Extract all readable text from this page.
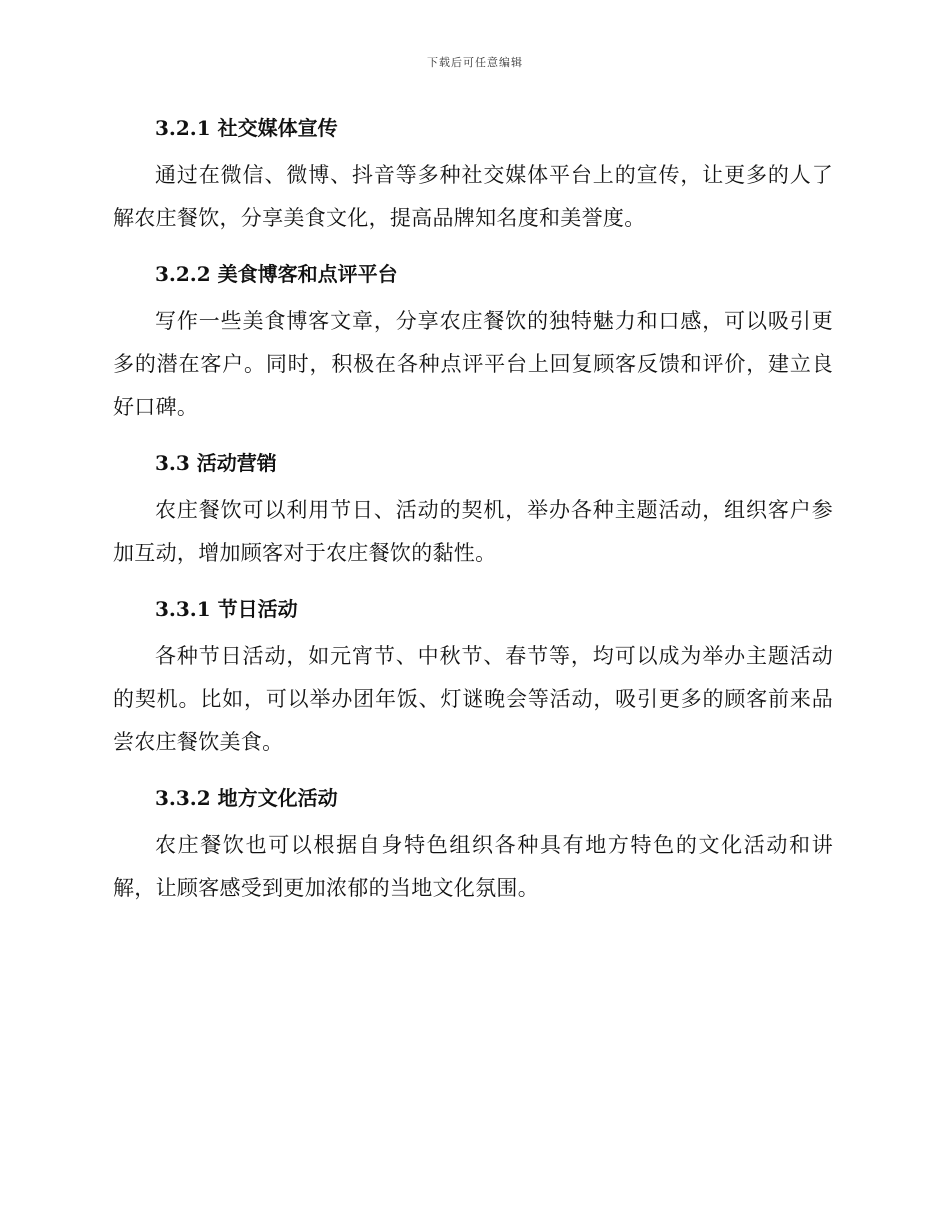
下载后可任意编辑
3.2.1 社交媒体宣传

通过在微信、微博、抖音等多种社交媒体平台上的宣传，让更多的人了解农庄餐饮，分享美食文化，提高品牌知名度和美誉度。

3.2.2 美食博客和点评平台

写作一些美食博客文章，分享农庄餐饮的独特魅力和口感，可以吸引更多的潜在客户。同时，积极在各种点评平台上回复顾客反馈和评价，建立良好口碑。

3.3 活动营销

农庄餐饮可以利用节日、活动的契机，举办各种主题活动，组织客户参加互动，增加顾客对于农庄餐饮的黏性。

3.3.1 节日活动

各种节日活动，如元宵节、中秋节、春节等，均可以成为举办主题活动的契机。比如，可以举办团年饭、灯谜晚会等活动，吸引更多的顾客前来品尝农庄餐饮美食。

3.3.2 地方文化活动

农庄餐饮也可以根据自身特色组织各种具有地方特色的文化活动和讲解，让顾客感受到更加浓郁的当地文化氛围。
